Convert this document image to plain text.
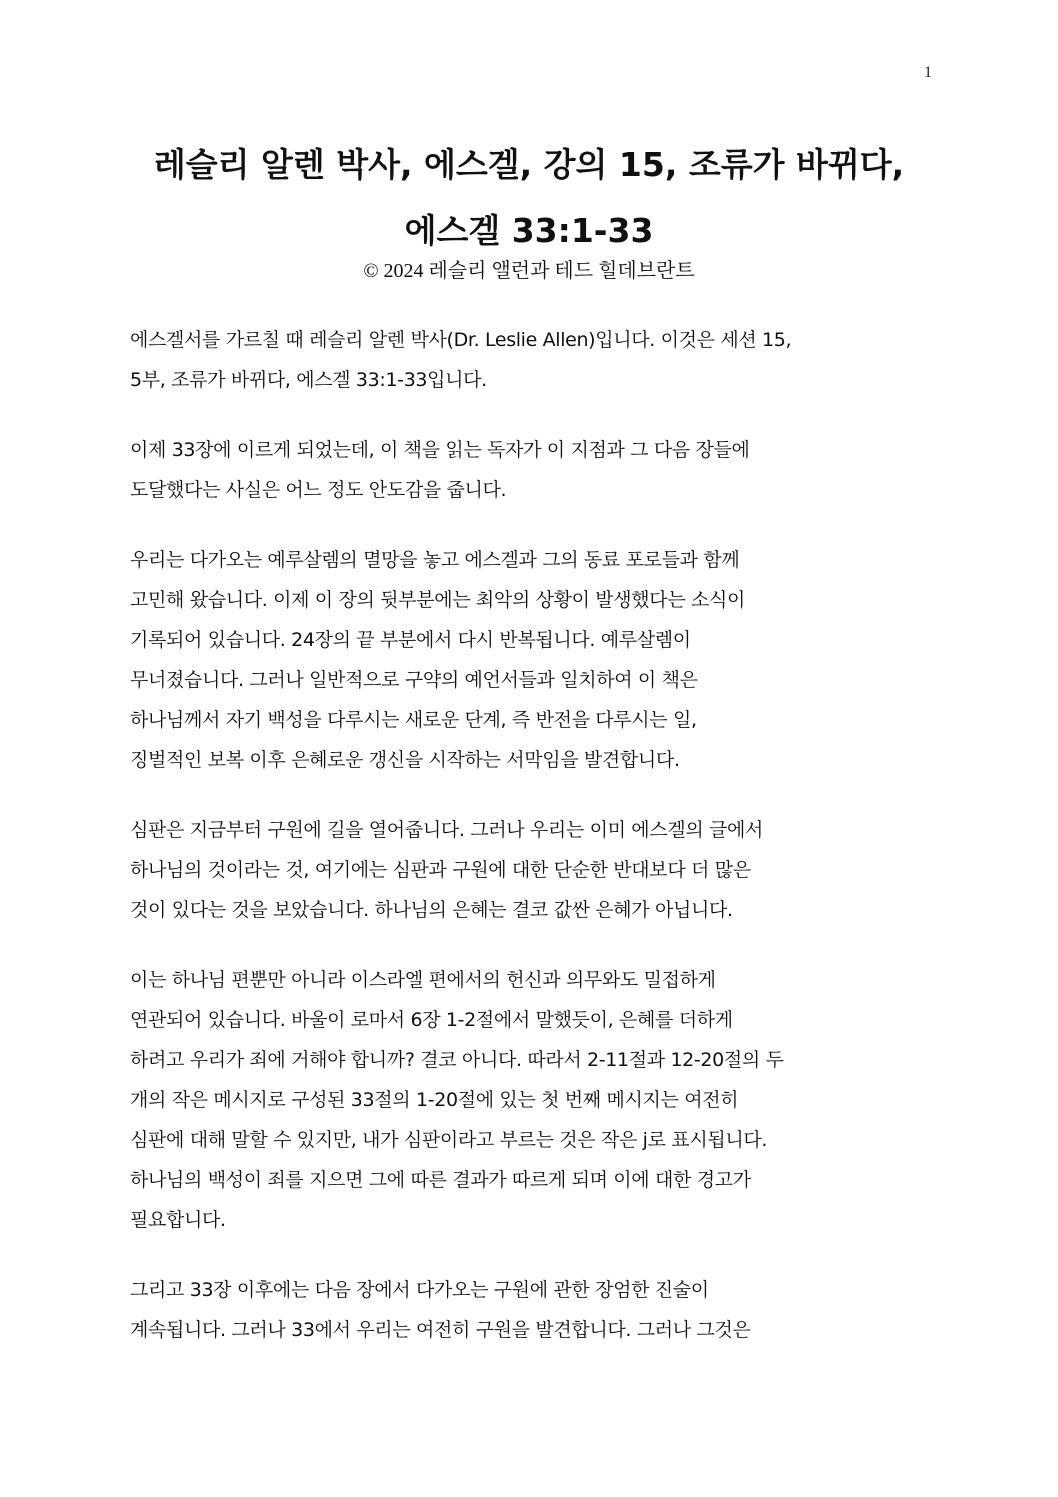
1
레슬리 알렌 박사, 에스겔, 강의 15, 조류가 바뀌다,
에스겔 33:1-33
© 2024 레슬리 앨런과 테드 힐데브란트

에스겔서를 가르칠 때 레슬리 알렌 박사(Dr. Leslie Allen)입니다. 이것은 세션 15,
5부, 조류가 바뀌다, 에스겔 33:1-33입니다.

이제 33장에 이르게 되었는데, 이 책을 읽는 독자가 이 지점과 그 다음 장들에
도달했다는 사실은 어느 정도 안도감을 줍니다.

우리는 다가오는 예루살렘의 멸망을 놓고 에스겔과 그의 동료 포로들과 함께
고민해 왔습니다. 이제 이 장의 뒷부분에는 최악의 상황이 발생했다는 소식이
기록되어 있습니다. 24장의 끝 부분에서 다시 반복됩니다. 예루살렘이
무너졌습니다. 그러나 일반적으로 구약의 예언서들과 일치하여 이 책은
하나님께서 자기 백성을 다루시는 새로운 단계, 즉 반전을 다루시는 일,
징벌적인 보복 이후 은혜로운 갱신을 시작하는 서막임을 발견합니다.

심판은 지금부터 구원에 길을 열어줍니다. 그러나 우리는 이미 에스겔의 글에서
하나님의 것이라는 것, 여기에는 심판과 구원에 대한 단순한 반대보다 더 많은
것이 있다는 것을 보았습니다. 하나님의 은혜는 결코 값싼 은혜가 아닙니다.

이는 하나님 편뿐만 아니라 이스라엘 편에서의 헌신과 의무와도 밀접하게
연관되어 있습니다. 바울이 로마서 6장 1-2절에서 말했듯이, 은혜를 더하게
하려고 우리가 죄에 거해야 합니까? 결코 아니다. 따라서 2-11절과 12-20절의 두
개의 작은 메시지로 구성된 33절의 1-20절에 있는 첫 번째 메시지는 여전히
심판에 대해 말할 수 있지만, 내가 심판이라고 부르는 것은 작은 j로 표시됩니다.
하나님의 백성이 죄를 지으면 그에 따른 결과가 따르게 되며 이에 대한 경고가
필요합니다.

그리고 33장 이후에는 다음 장에서 다가오는 구원에 관한 장엄한 진술이
계속됩니다. 그러나 33에서 우리는 여전히 구원을 발견합니다. 그러나 그것은
